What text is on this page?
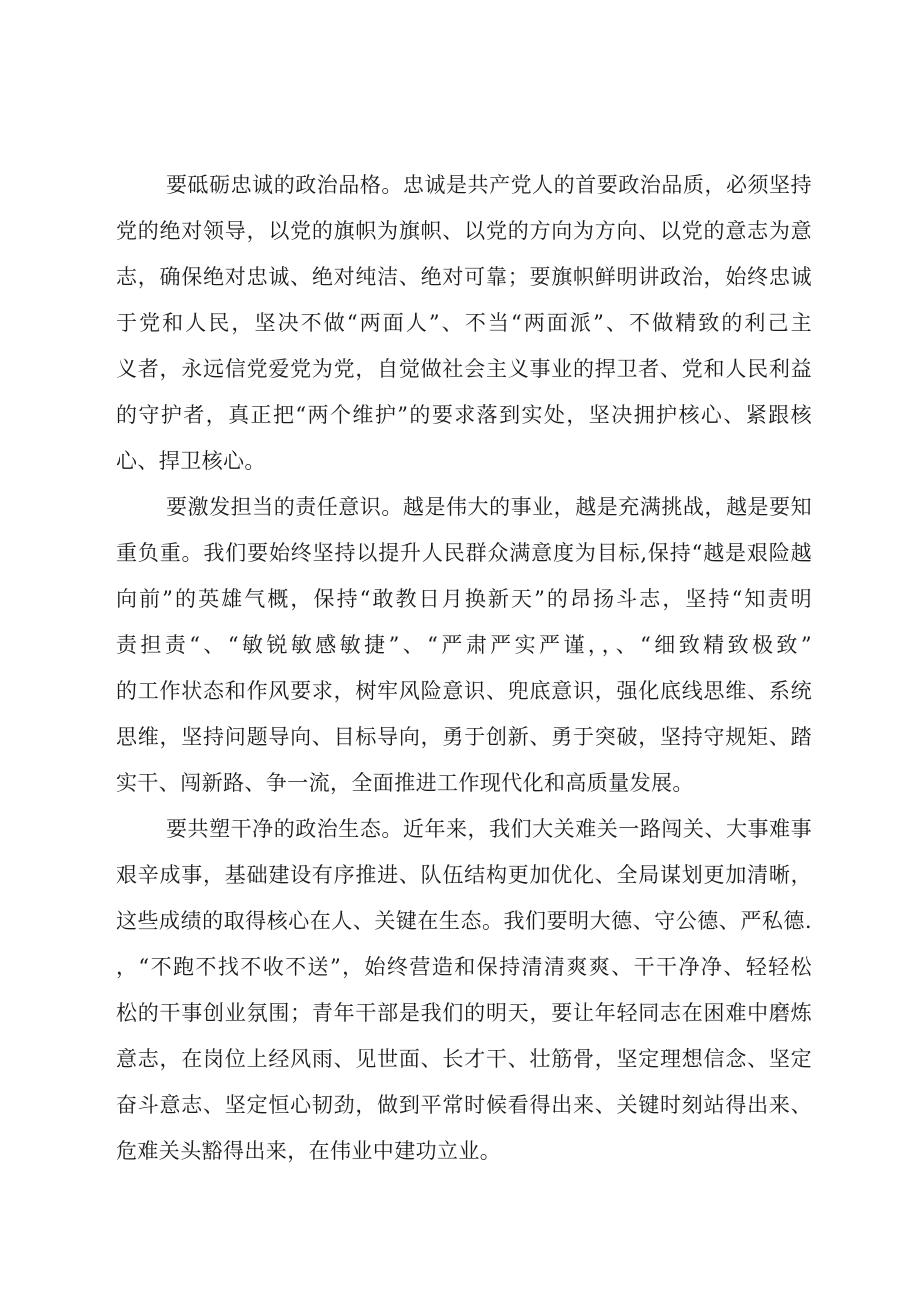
要砥砺忠诚的政治品格。忠诚是共产党人的首要政治品质，必须坚持
党的绝对领导，以党的旗帜为旗帜、以党的方向为方向、以党的意志为意
志，确保绝对忠诚、绝对纯洁、绝对可靠；要旗帜鲜明讲政治，始终忠诚
于党和人民，坚决不做“两面人”、不当“两面派”、不做精致的利己主
义者，永远信党爱党为党，自觉做社会主义事业的捍卫者、党和人民利益
的守护者，真正把“两个维护”的要求落到实处，坚决拥护核心、紧跟核
心、捍卫核心。
要激发担当的责任意识。越是伟大的事业，越是充满挑战，越是要知
重负重。我们要始终坚持以提升人民群众满意度为目标,保持“越是艰险越
向前”的英雄气概，保持“敢教日月换新天”的昂扬斗志，坚持“知责明
责担责“、“敏锐敏感敏捷”、“严肃严实严谨，，、“细致精致极致”
的工作状态和作风要求，树牢风险意识、兜底意识，强化底线思维、系统
思维，坚持问题导向、目标导向，勇于创新、勇于突破，坚持守规矩、踏
实干、闯新路、争一流，全面推进工作现代化和高质量发展。
要共塑干净的政治生态。近年来，我们大关难关一路闯关、大事难事
艰辛成事，基础建设有序推进、队伍结构更加优化、全局谋划更加清晰，
这些成绩的取得核心在人、关键在生态。我们要明大德、守公德、严私德.
，“不跑不找不收不送”，始终营造和保持清清爽爽、干干净净、轻轻松
松的干事创业氛围；青年干部是我们的明天，要让年轻同志在困难中磨炼
意志，在岗位上经风雨、见世面、长才干、壮筋骨，坚定理想信念、坚定
奋斗意志、坚定恒心韧劲，做到平常时候看得出来、关键时刻站得出来、
危难关头豁得出来，在伟业中建功立业。
